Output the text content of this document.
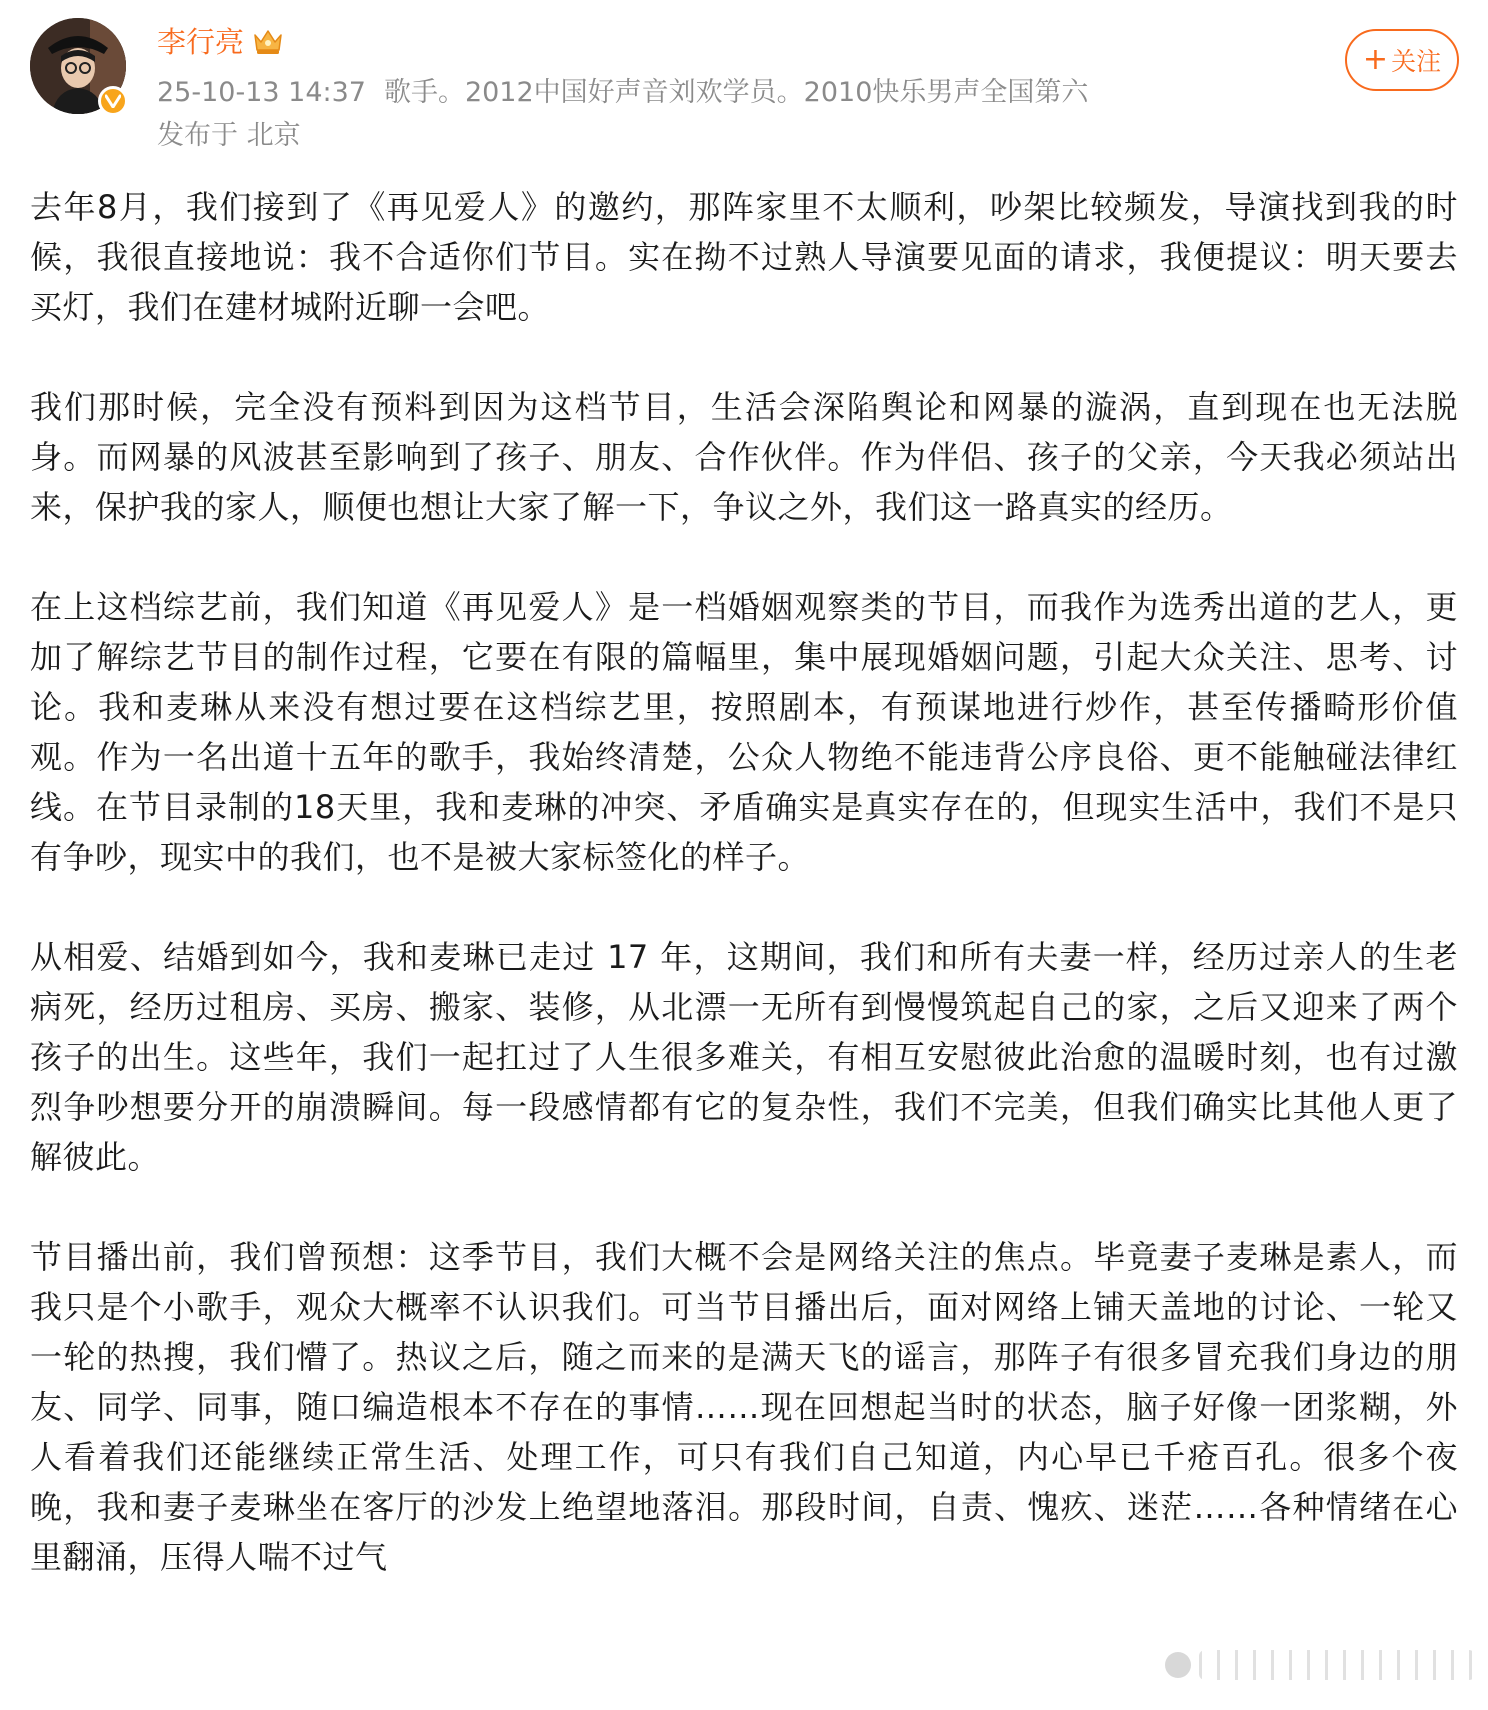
李行亮
25-10-13 14:37 歌手。2012中国好声音刘欢学员。2010快乐男声全国第六
发布于 北京
+ 关注

去年8月，我们接到了《再见爱人》的邀约，那阵家里不太顺利，吵架比较频发，导演找到我的时候，我很直接地说：我不合适你们节目。实在拗不过熟人导演要见面的请求，我便提议：明天要去买灯，我们在建材城附近聊一会吧。

我们那时候，完全没有预料到因为这档节目，生活会深陷舆论和网暴的漩涡，直到现在也无法脱身。而网暴的风波甚至影响到了孩子、朋友、合作伙伴。作为伴侣、孩子的父亲，今天我必须站出来，保护我的家人，顺便也想让大家了解一下，争议之外，我们这一路真实的经历。

在上这档综艺前，我们知道《再见爱人》是一档婚姻观察类的节目，而我作为选秀出道的艺人，更加了解综艺节目的制作过程，它要在有限的篇幅里，集中展现婚姻问题，引起大众关注、思考、讨论。我和麦琳从来没有想过要在这档综艺里，按照剧本，有预谋地进行炒作，甚至传播畸形价值观。作为一名出道十五年的歌手，我始终清楚，公众人物绝不能违背公序良俗、更不能触碰法律红线。在节目录制的18天里，我和麦琳的冲突、矛盾确实是真实存在的，但现实生活中，我们不是只有争吵，现实中的我们，也不是被大家标签化的样子。

从相爱、结婚到如今，我和麦琳已走过 17 年，这期间，我们和所有夫妻一样，经历过亲人的生老病死，经历过租房、买房、搬家、装修，从北漂一无所有到慢慢筑起自己的家，之后又迎来了两个孩子的出生。这些年，我们一起扛过了人生很多难关，有相互安慰彼此治愈的温暖时刻，也有过激烈争吵想要分开的崩溃瞬间。每一段感情都有它的复杂性，我们不完美，但我们确实比其他人更了解彼此。

节目播出前，我们曾预想：这季节目，我们大概不会是网络关注的焦点。毕竟妻子麦琳是素人，而我只是个小歌手，观众大概率不认识我们。可当节目播出后，面对网络上铺天盖地的讨论、一轮又一轮的热搜，我们懵了。热议之后，随之而来的是满天飞的谣言，那阵子有很多冒充我们身边的朋友、同学、同事，随口编造根本不存在的事情……现在回想起当时的状态，脑子好像一团浆糊，外人看着我们还能继续正常生活、处理工作，可只有我们自己知道，内心早已千疮百孔。很多个夜晚，我和妻子麦琳坐在客厅的沙发上绝望地落泪。那段时间，自责、愧疚、迷茫……各种情绪在心里翻涌，压得人喘不过气
